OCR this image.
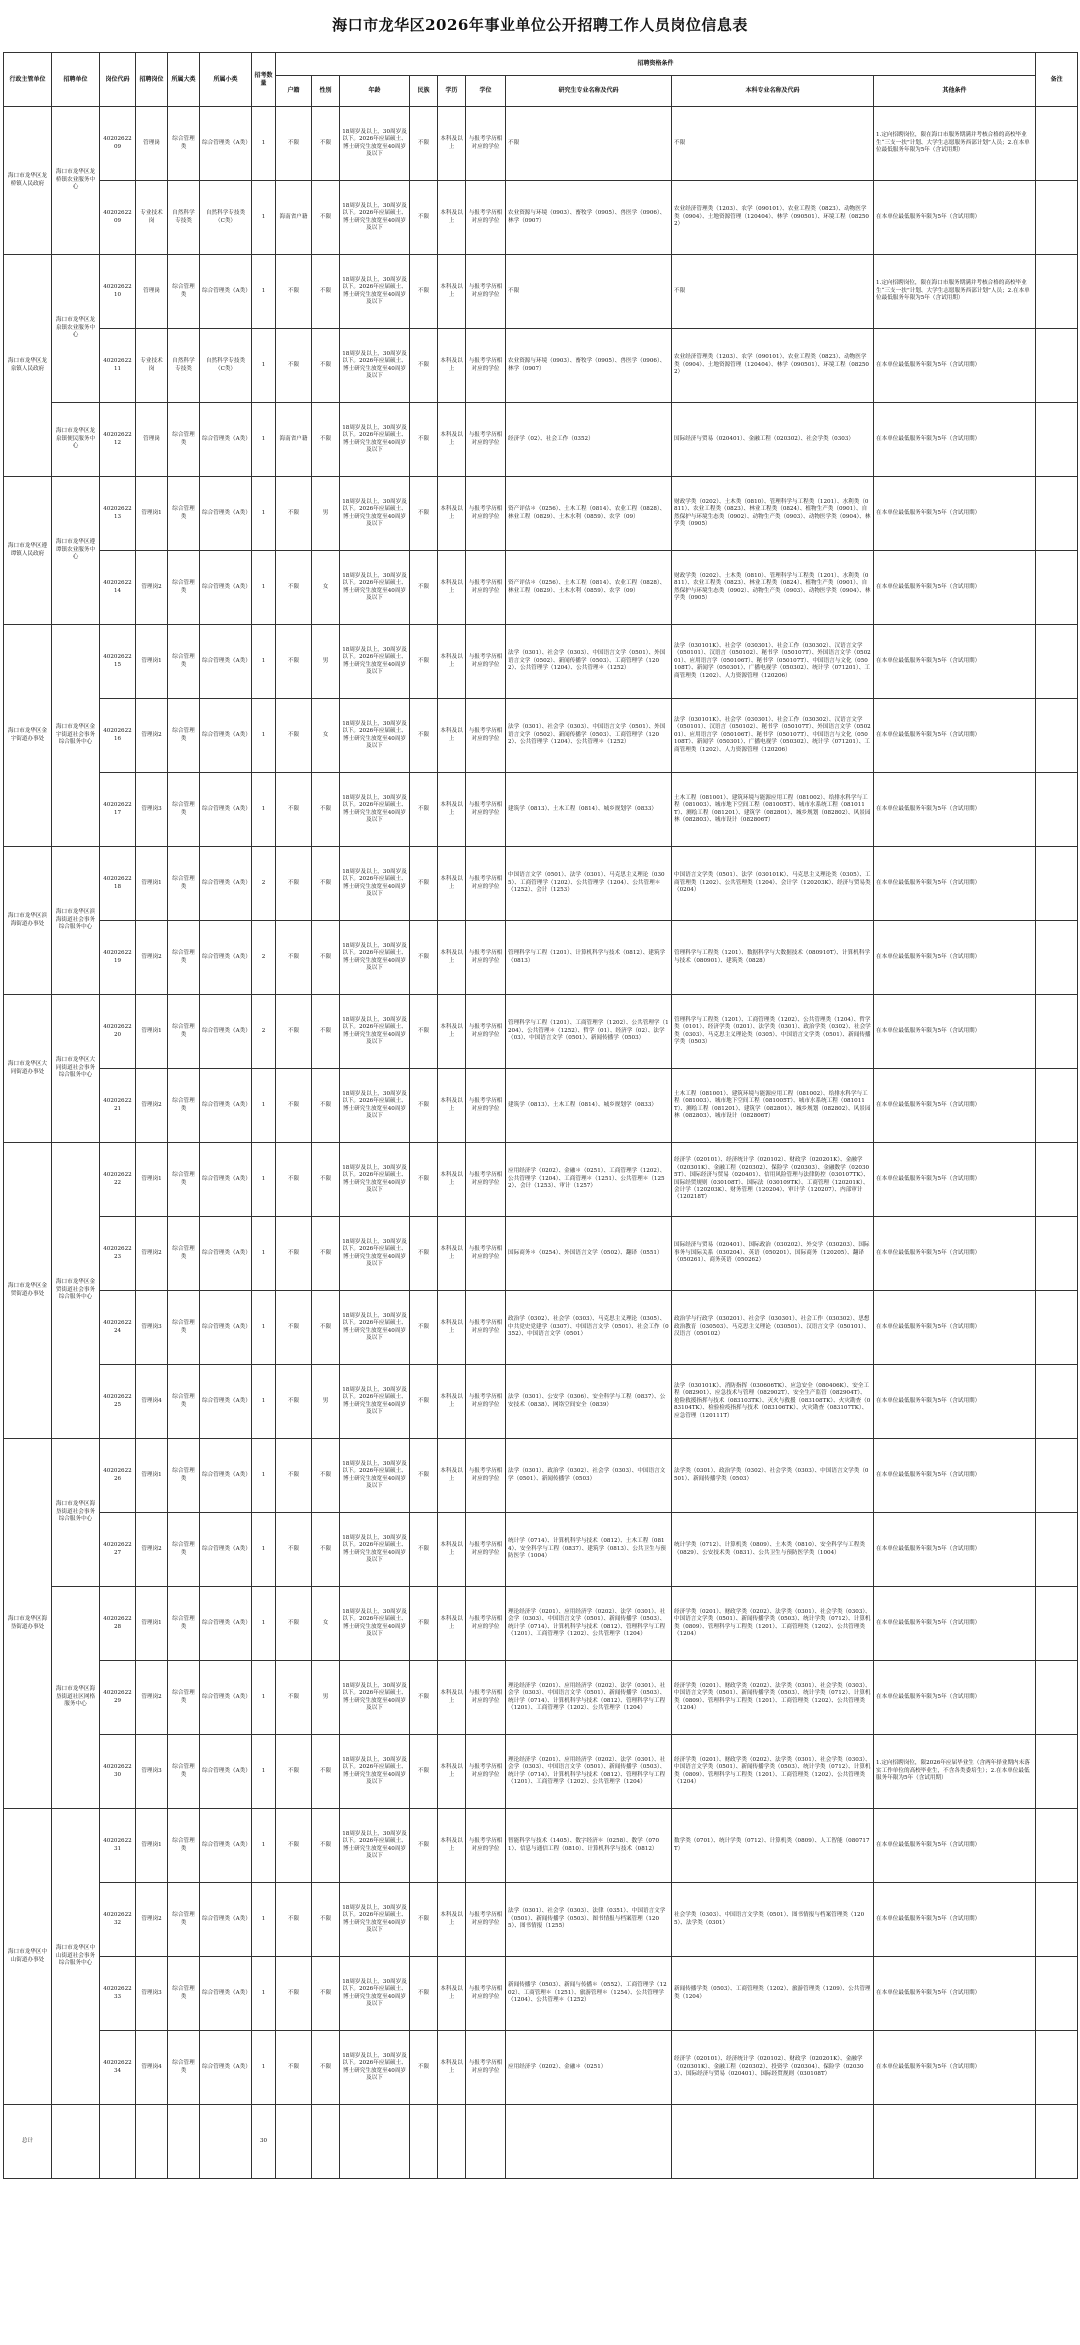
海口市龙华区2026年事业单位公开招聘工作人员岗位信息表
行政主管单位	招聘单位	岗位代码	招聘岗位	所属大类	所属小类	招考数量	招聘资格条件									备注
							户籍	性别	年龄	民族	学历	学位	研究生专业名称及代码	本科专业名称及代码	其他条件	
海口市龙华区龙桥镇人民政府	海口市龙华区龙桥镇农业服务中心	4020262209	管理岗	综合管理类	综合管理类（A类）	1	不限	不限	18周岁及以上，30周岁及以下。2026年应届硕士、博士研究生放宽至40周岁及以下	不限	本科及以上	与报考学历相对应的学位	不限	不限	1.定向招聘岗位，限在海口市服务期满并考核合格的高校毕业生“三支一扶”计划、大学生志愿服务西部计划”人员；2.在本单位最低服务年限为5年（含试用期）	
		4020262209	专业技术岗	自然科学专技类	自然科学专技类（C类）	1	海南省户籍	不限	18周岁及以上，30周岁及以下。2026年应届硕士、博士研究生放宽至40周岁及以下	不限	本科及以上	与报考学历相对应的学位	农业资源与环境（0903）、畜牧学（0905）、兽医学（0906）、林学（0907）	农业经济管理类（1203）、农学（090101）、农业工程类（0823）、动物医学类（0904）、土地资源管理（120404）、林学（090501）、环境工程（082502）	在本单位最低服务年限为5年（含试用期）	
海口市龙华区龙泉镇人民政府	海口市龙华区龙泉镇农业服务中心	4020262210	管理岗	综合管理类	综合管理类（A类）	1	不限	不限	18周岁及以上，30周岁及以下。2026年应届硕士、博士研究生放宽至40周岁及以下	不限	本科及以上	与报考学历相对应的学位	不限	不限	1.定向招聘岗位，限在海口市服务期满并考核合格的高校毕业生“三支一扶”计划、大学生志愿服务西部计划”人员；2.在本单位最低服务年限为5年（含试用期）	
		4020262211	专业技术岗	自然科学专技类	自然科学专技类（C类）	1	不限	不限	18周岁及以上，30周岁及以下。2026年应届硕士、博士研究生放宽至40周岁及以下	不限	本科及以上	与报考学历相对应的学位	农业资源与环境（0903）、畜牧学（0905）、兽医学（0906）、林学（0907）	农业经济管理类（1203）、农学（090101）、农业工程类（0823）、动物医学类（0904）、土地资源管理（120404）、林学（090501）、环境工程（082502）	在本单位最低服务年限为5年（含试用期）	
	海口市龙华区龙泉镇便民服务中心	4020262212	管理岗	综合管理类	综合管理类（A类）	1	海南省户籍	不限	18周岁及以上，30周岁及以下。2026年应届硕士、博士研究生放宽至40周岁及以下	不限	本科及以上	与报考学历相对应的学位	经济学（02）、社会工作（0352）	国际经济与贸易（020401）、金融工程（020302）、社会学类（0303）	在本单位最低服务年限为5年（含试用期）	
海口市龙华区遵谭镇人民政府	海口市龙华区遵谭镇农业服务中心	4020262213	管理岗1	综合管理类	综合管理类（A类）	1	不限	男	18周岁及以上，30周岁及以下。2026年应届硕士、博士研究生放宽至40周岁及以下	不限	本科及以上	与报考学历相对应的学位	资产评估＊（0256）、土木工程（0814）、农业工程（0828）、林业工程（0829）、土木水利（0859）、农学（09）	财政学类（0202）、土木类（0810）、管理科学与工程类（1201）、水利类（0811）、农业工程类（0823）、林业工程类（0824）、植物生产类（0901）、自然保护与环境生态类（0902）、动物生产类（0903）、动物医学类（0904）、林学类（0905）	在本单位最低服务年限为5年（含试用期）	
		4020262214	管理岗2	综合管理类	综合管理类（A类）	1	不限	女	18周岁及以上，30周岁及以下。2026年应届硕士、博士研究生放宽至40周岁及以下	不限	本科及以上	与报考学历相对应的学位	资产评估＊（0256）、土木工程（0814）、农业工程（0828）、林业工程（0829）、土木水利（0859）、农学（09）	财政学类（0202）、土木类（0810）、管理科学与工程类（1201）、水利类（0811）、农业工程类（0823）、林业工程类（0824）、植物生产类（0901）、自然保护与环境生态类（0902）、动物生产类（0903）、动物医学类（0904）、林学类（0905）	在本单位最低服务年限为5年（含试用期）	
海口市龙华区金宇街道办事处	海口市龙华区金宇街道社会事务综合服务中心	4020262215	管理岗1	综合管理类	综合管理类（A类）	1	不限	男	18周岁及以上，30周岁及以下。2026年应届硕士、博士研究生放宽至40周岁及以下	不限	本科及以上	与报考学历相对应的学位	法学（0301）、社会学（0303）、中国语言文学（0501）、外国语言文学（0502）、新闻传播学（0503）、工商管理学（1202）、公共管理学（1204）、公共管理＊（1252）	法学（030101K）、社会学（030301）、社会工作（030302）、汉语言文学（050101）、汉语言（050102）、秘书学（050107T）、外国语言文学（050201）、应用语言学（050106T）、秘书学（050107T）、中国语言与文化（050108T）、新闻学（050301）、广播电视学（050302）、统计学（071201）、工商管理类（1202）、人力资源管理（120206）	在本单位最低服务年限为5年（含试用期）	
		4020262216	管理岗2	综合管理类	综合管理类（A类）	1	不限	女	18周岁及以上，30周岁及以下。2026年应届硕士、博士研究生放宽至40周岁及以下	不限	本科及以上	与报考学历相对应的学位	法学（0301）、社会学（0303）、中国语言文学（0501）、外国语言文学（0502）、新闻传播学（0503）、工商管理学（1202）、公共管理学（1204）、公共管理＊（1252）	法学（030101K）、社会学（030301）、社会工作（030302）、汉语言文学（050101）、汉语言（050102）、秘书学（050107T）、外国语言文学（050201）、应用语言学（050106T）、秘书学（050107T）、中国语言与文化（050108T）、新闻学（050301）、广播电视学（050302）、统计学（071201）、工商管理类（1202）、人力资源管理（120206）	在本单位最低服务年限为5年（含试用期）	
		4020262217	管理岗3	综合管理类	综合管理类（A类）	1	不限	不限	18周岁及以上，30周岁及以下。2026年应届硕士、博士研究生放宽至40周岁及以下	不限	本科及以上	与报考学历相对应的学位	建筑学（0813）、土木工程（0814）、城乡规划学（0833）	土木工程（081001）、建筑环境与能源应用工程（081002）、给排水科学与工程（081003）、城市地下空间工程（081005T）、城市水系统工程（081011T）、测绘工程（081201）、建筑学（082801）、城乡规划（082802）、风景园林（082803）、城市设计（082806T）	在本单位最低服务年限为5年（含试用期）	
海口市龙华区滨海街道办事处	海口市龙华区滨海街道社会事务综合服务中心	4020262218	管理岗1	综合管理类	综合管理类（A类）	2	不限	不限	18周岁及以上，30周岁及以下。2026年应届硕士、博士研究生放宽至40周岁及以下	不限	本科及以上	与报考学历相对应的学位	中国语言文学（0501）、法学（0301）、马克思主义理论（0305）、工商管理学（1202）、公共管理学（1204）、公共管理＊（1252）、会计（1253）	中国语言文学类（0501）、法学（030101K）、马克思主义理论类（0305）、工商管理类（1202）、公共管理类（1204）、会计学（120203K）、经济与贸易类（0204）	在本单位最低服务年限为5年（含试用期）	
		4020262219	管理岗2	综合管理类	综合管理类（A类）	2	不限	不限	18周岁及以上，30周岁及以下。2026年应届硕士、博士研究生放宽至40周岁及以下	不限	本科及以上	与报考学历相对应的学位	管理科学与工程（1201）、计算机科学与技术（0812）、建筑学（0813）	管理科学与工程类（1201）、数据科学与大数据技术（080910T）、计算机科学与技术（080901）、建筑类（0828）	在本单位最低服务年限为5年（含试用期）	
海口市龙华区大同街道办事处	海口市龙华区大同街道社会事务综合服务中心	4020262220	管理岗1	综合管理类	综合管理类（A类）	2	不限	不限	18周岁及以上，30周岁及以下。2026年应届硕士、博士研究生放宽至40周岁及以下	不限	本科及以上	与报考学历相对应的学位	管理科学与工程（1201）、工商管理学（1202）、公共管理学（1204）、公共管理＊（1252）、哲学（01）、经济学（02）、法学（03）、中国语言文学（0501）、新闻传播学（0503）	管理科学与工程类（1201）、工商管理类（1202）、公共管理类（1204）、哲学类（0101）、经济学类（0201）、法学类（0301）、政治学类（0302）、社会学类（0303）、马克思主义理论类（0305）、中国语言文学类（0501）、新闻传播学类（0503）	在本单位最低服务年限为5年（含试用期）	
		4020262221	管理岗2	综合管理类	综合管理类（A类）	1	不限	不限	18周岁及以上，30周岁及以下。2026年应届硕士、博士研究生放宽至40周岁及以下	不限	本科及以上	与报考学历相对应的学位	建筑学（0813）、土木工程（0814）、城乡规划学（0833）	土木工程（081001）、建筑环境与能源应用工程（081002）、给排水科学与工程（081003）、城市地下空间工程（081005T）、城市水系统工程（081011T）、测绘工程（081201）、建筑学（082801）、城乡规划（082802）、风景园林（082803）、城市设计（082806T）	在本单位最低服务年限为5年（含试用期）	
海口市龙华区金贸街道办事处	海口市龙华区金贸街道社会事务综合服务中心	4020262222	管理岗1	综合管理类	综合管理类（A类）	1	不限	不限	18周岁及以上，30周岁及以下。2026年应届硕士、博士研究生放宽至40周岁及以下	不限	本科及以上	与报考学历相对应的学位	应用经济学（0202）、金融＊（0251）、工商管理学（1202）、公共管理学（1204）、工商管理＊（1251）、公共管理＊（1252）、会计（1253）、审计（1257）	经济学（020101）、经济统计学（020102）、财政学（020201K）、金融学（020301K）、金融工程（020302）、保险学（020303）、金融数学（020305T）、国际经济与贸易（020401）、信用风险管理与法律防控（030107TK）、国际经贸规则（030108T）、国际法（030109TK）、工商管理（120201K）、会计学（120203K）、财务管理（120204）、审计学（120207）、内部审计（120218T）	在本单位最低服务年限为5年（含试用期）	
		4020262223	管理岗2	综合管理类	综合管理类（A类）	1	不限	不限	18周岁及以上，30周岁及以下。2026年应届硕士、博士研究生放宽至40周岁及以下	不限	本科及以上	与报考学历相对应的学位	国际商务＊（0254）、外国语言文学（0502）、翻译（0551）	国际经济与贸易（020401）、国际政治（030202）、外交学（030203）、国际事务与国际关系（030204）、英语（050201）、国际商务（120205）、翻译（050261）、商务英语（050262）	在本单位最低服务年限为5年（含试用期）	
		4020262224	管理岗3	综合管理类	综合管理类（A类）	1	不限	不限	18周岁及以上，30周岁及以下。2026年应届硕士、博士研究生放宽至40周岁及以下	不限	本科及以上	与报考学历相对应的学位	政治学（0302）、社会学（0303）、马克思主义理论（0305）、中共党史党建学（0307）、中国语言文学（0501）、社会工作（0352）、中国语言文学（0501）	政治学与行政学（030201）、社会学（030301）、社会工作（030302）、思想政治教育（030503）、马克思主义理论（030501）、汉语言文学（050101）、汉语言（050102）	在本单位最低服务年限为5年（含试用期）	
		4020262225	管理岗4	综合管理类	综合管理类（A类）	1	不限	男	18周岁及以上，30周岁及以下。2026年应届硕士、博士研究生放宽至40周岁及以下	不限	本科及以上	与报考学历相对应的学位	法学（0301）、公安学（0306）、安全科学与工程（0837）、公安技术（0838）、网络空间安全（0839）	法学（030101K）、消防指挥（030606TK）、应急安全（080406K）、安全工程（082901）、应急技术与管理（082902T）、安全生产监管（082904T）、抢险救援指挥与技术（083103TK）、灭火与救援（083108TK）、火灾勘查（083104TK）、检验检疫指挥与技术（083106TK）、火灾勘查（083107TK）、应急管理（120111T）	在本单位最低服务年限为5年（含试用期）	
海口市龙华区海垦街道办事处	海口市龙华区海垦街道社会事务综合服务中心	4020262226	管理岗1	综合管理类	综合管理类（A类）	1	不限	不限	18周岁及以上，30周岁及以下。2026年应届硕士、博士研究生放宽至40周岁及以下	不限	本科及以上	与报考学历相对应的学位	法学（0301）、政治学（0302）、社会学（0303）、中国语言文学（0501）、新闻传播学（0503）	法学类（0301）、政治学类（0302）、社会学类（0303）、中国语言文学类（0501）、新闻传播学类（0503）	在本单位最低服务年限为5年（含试用期）	
		4020262227	管理岗2	综合管理类	综合管理类（A类）	1	不限	不限	18周岁及以上，30周岁及以下。2026年应届硕士、博士研究生放宽至40周岁及以下	不限	本科及以上	与报考学历相对应的学位	统计学（0714）、计算机科学与技术（0812）、土木工程（0814）、安全科学与工程（0837）、建筑学（0813）、公共卫生与预防医学（1004）	统计学类（0712）、计算机类（0809）、土木类（0810）、安全科学与工程类（0829）、公安技术类（0831）、公共卫生与预防医学类（1004）	在本单位最低服务年限为5年（含试用期）	
	海口市龙华区海垦街道社区网格服务中心	4020262228	管理岗1	综合管理类	综合管理类（A类）	1	不限	女	18周岁及以上，30周岁及以下。2026年应届硕士、博士研究生放宽至40周岁及以下	不限	本科及以上	与报考学历相对应的学位	理论经济学（0201）、应用经济学（0202）、法学（0301）、社会学（0303）、中国语言文学（0501）、新闻传播学（0503）、统计学（0714）、计算机科学与技术（0812）、管理科学与工程（1201）、工商管理学（1202）、公共管理学（1204）	经济学类（0201）、财政学类（0202）、法学类（0301）、社会学类（0303）、中国语言文学类（0501）、新闻传播学类（0503）、统计学类（0712）、计算机类（0809）、管理科学与工程类（1201）、工商管理类（1202）、公共管理类（1204）	在本单位最低服务年限为5年（含试用期）	
		4020262229	管理岗2	综合管理类	综合管理类（A类）	1	不限	男	18周岁及以上，30周岁及以下。2026年应届硕士、博士研究生放宽至40周岁及以下	不限	本科及以上	与报考学历相对应的学位	理论经济学（0201）、应用经济学（0202）、法学（0301）、社会学（0303）、中国语言文学（0501）、新闻传播学（0503）、统计学（0714）、计算机科学与技术（0812）、管理科学与工程（1201）、工商管理学（1202）、公共管理学（1204）	经济学类（0201）、财政学类（0202）、法学类（0301）、社会学类（0303）、中国语言文学类（0501）、新闻传播学类（0503）、统计学类（0712）、计算机类（0809）、管理科学与工程类（1201）、工商管理类（1202）、公共管理类（1204）	在本单位最低服务年限为5年（含试用期）	
		4020262230	管理岗3	综合管理类	综合管理类（A类）	1	不限	不限	18周岁及以上，30周岁及以下。2026年应届硕士、博士研究生放宽至40周岁及以下	不限	本科及以上	与报考学历相对应的学位	理论经济学（0201）、应用经济学（0202）、法学（0301）、社会学（0303）、中国语言文学（0501）、新闻传播学（0503）、统计学（0714）、计算机科学与技术（0812）、管理科学与工程（1201）、工商管理学（1202）、公共管理学（1204）	经济学类（0201）、财政学类（0202）、法学类（0301）、社会学类（0303）、中国语言文学类（0501）、新闻传播学类（0503）、统计学类（0712）、计算机类（0809）、管理科学与工程类（1201）、工商管理类（1202）、公共管理类（1204）	1.定向招聘岗位，限2026年应届毕业生（含两年择业期内未落实工作单位的高校毕业生，不含各类委培生）；2.在本单位最低服务年限为5年（含试用期）	
海口市龙华区中山街道办事处	海口市龙华区中山街道社会事务综合服务中心	4020262231	管理岗1	综合管理类	综合管理类（A类）	1	不限	不限	18周岁及以上，30周岁及以下。2026年应届硕士、博士研究生放宽至40周岁及以下	不限	本科及以上	与报考学历相对应的学位	智能科学与技术（1405）、数字经济＊（0258）、数学（0701）、信息与通信工程（0810）、计算机科学与技术（0812）	数学类（0701）、统计学类（0712）、计算机类（0809）、人工智能（080717T）	在本单位最低服务年限为5年（含试用期）	
		4020262232	管理岗2	综合管理类	综合管理类（A类）	1	不限	不限	18周岁及以上，30周岁及以下。2026年应届硕士、博士研究生放宽至40周岁及以下	不限	本科及以上	与报考学历相对应的学位	法学（0301）、社会学（0303）、法律（0351）、中国语言文学（0501）、新闻传播学（0503）、图书情报与档案管理（1205）、图书情报（1255）	社会学类（0303）、中国语言文学类（0501）、图书情报与档案管理类（1205）、法学类（0301）	在本单位最低服务年限为5年（含试用期）	
		4020262233	管理岗3	综合管理类	综合管理类（A类）	1	不限	不限	18周岁及以上，30周岁及以下。2026年应届硕士、博士研究生放宽至40周岁及以下	不限	本科及以上	与报考学历相对应的学位	新闻传播学（0503）、新闻与传播＊（0552）、工商管理学（1202）、工商管理＊（1251）、旅游管理＊（1254）、公共管理学（1204）、公共管理＊（1252）	新闻传播学类（0503）、工商管理类（1202）、旅游管理类（1209）、公共管理类（1204）	在本单位最低服务年限为5年（含试用期）	
		4020262234	管理岗4	综合管理类	综合管理类（A类）	1	不限	不限	18周岁及以上，30周岁及以下。2026年应届硕士、博士研究生放宽至40周岁及以下	不限	本科及以上	与报考学历相对应的学位	应用经济学（0202）、金融＊（0251）	经济学（020101）、经济统计学（020102）、财政学（020201K）、金融学（020301K）、金融工程（020302）、投资学（020304）、保险学（020303）、国际经济与贸易（020401）、国际经贸规则（030108T）	在本单位最低服务年限为5年（含试用期）	
总计						30										
